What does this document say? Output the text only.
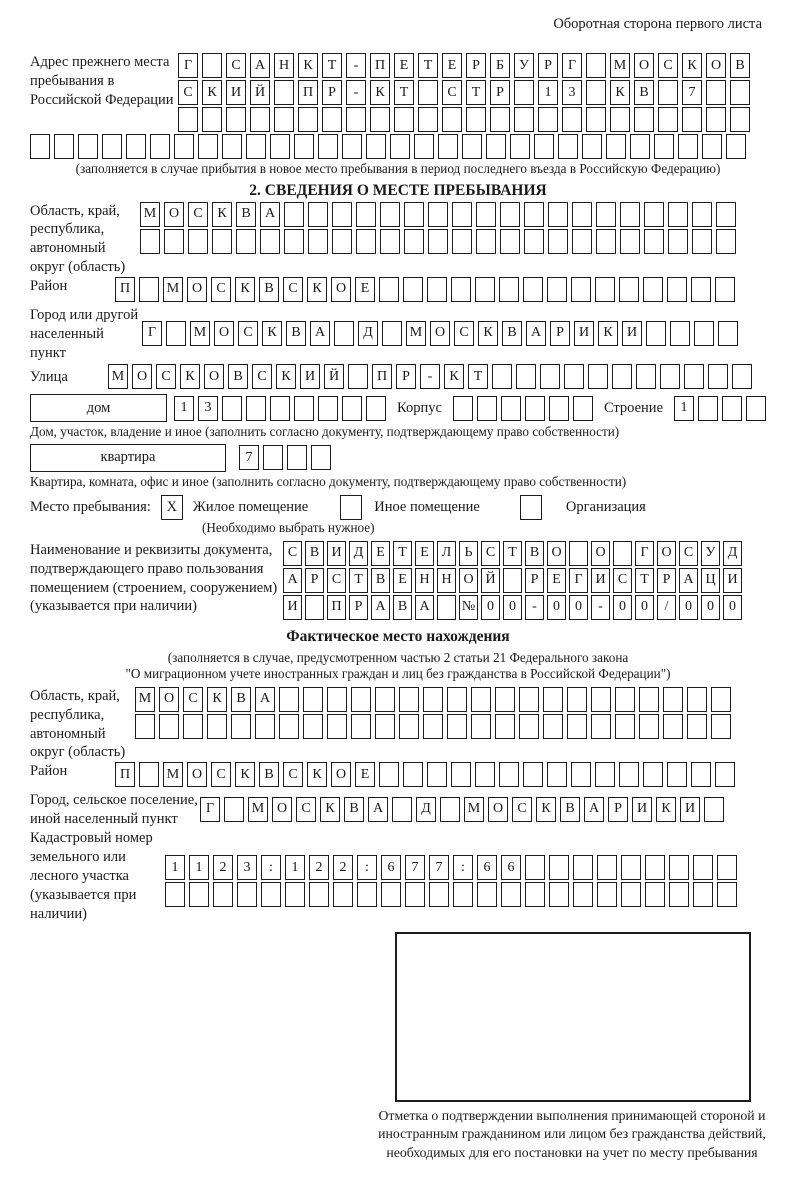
Оборотная сторона первого листа
Адрес прежнего места пребывания в Российской Федерации
Г	С	А Н	К	Т	-	П	Е	Т	Е	Р	Б	У	Р	Г	М О	С	К	О	В
С	К	И Й	П	Р	-	К	Т	С	Т	Р	1	3	К	В	7
(заполняется в случае прибытия в новое место пребывания в период последнего въезда в Российскую Федерацию)
2. СВЕДЕНИЯ О МЕСТЕ ПРЕБЫВАНИЯ
Область, край, республика, автономный округ (область)
М О	С	К	В	А
Район	П	М О	С	К	В	С	К	О	Е
Город или другой населенный пункт
Г	М О	С	К	В	А	Д	М О	С	К	В	А	Р	И	К	И
Улица	М О	С	К	О	В	С	К	И Й	П	Р	-	К	Т
дом	1	3	Корпус	Строение	1
Дом, участок, владение и иное (заполнить согласно документу, подтверждающему право собственности)
квартира	7
Квартира, комната, офис и иное (заполнить согласно документу, подтверждающему право собственности)
Место пребывания:	X	Жилое помещение	Иное помещение	Организация
(Необходимо выбрать нужное)
Наименование и реквизиты документа, подтверждающего право пользования помещением (строением, сооружением) (указывается при наличии)
С В И Д Е Т Е Л Ь С Т В О	О	Г О С У Д
А Р С Т В Е Н Н О Й	Р Е Г И С Т Р А Ц И
И	П Р А В А	№ 0	0	-	0	0	-	0	0	/	0	0	0
Фактическое место нахождения
(заполняется в случае, предусмотренном частью 2 статьи 21 Федерального закона
"О миграционном учете иностранных граждан и лиц без гражданства в Российской Федерации")
Область, край, республика, автономный округ (область)
М О	С	К	В	А
Район	П	М О	С	К	В	С	К	О	Е
Город, сельское поселение, иной населенный пункт
Г	М О	С	К	В	А	Д	М О	С	К	В	А	Р	И	К	И
Кадастровый номер земельного или лесного участка (указывается при наличии)
1	1	2	3	:	1	2	2	:	6	7	7	:	6	6
Отметка о подтверждении выполнения принимающей стороной и иностранным гражданином или лицом без гражданства действий, необходимых для его постановки на учет по месту пребывания
